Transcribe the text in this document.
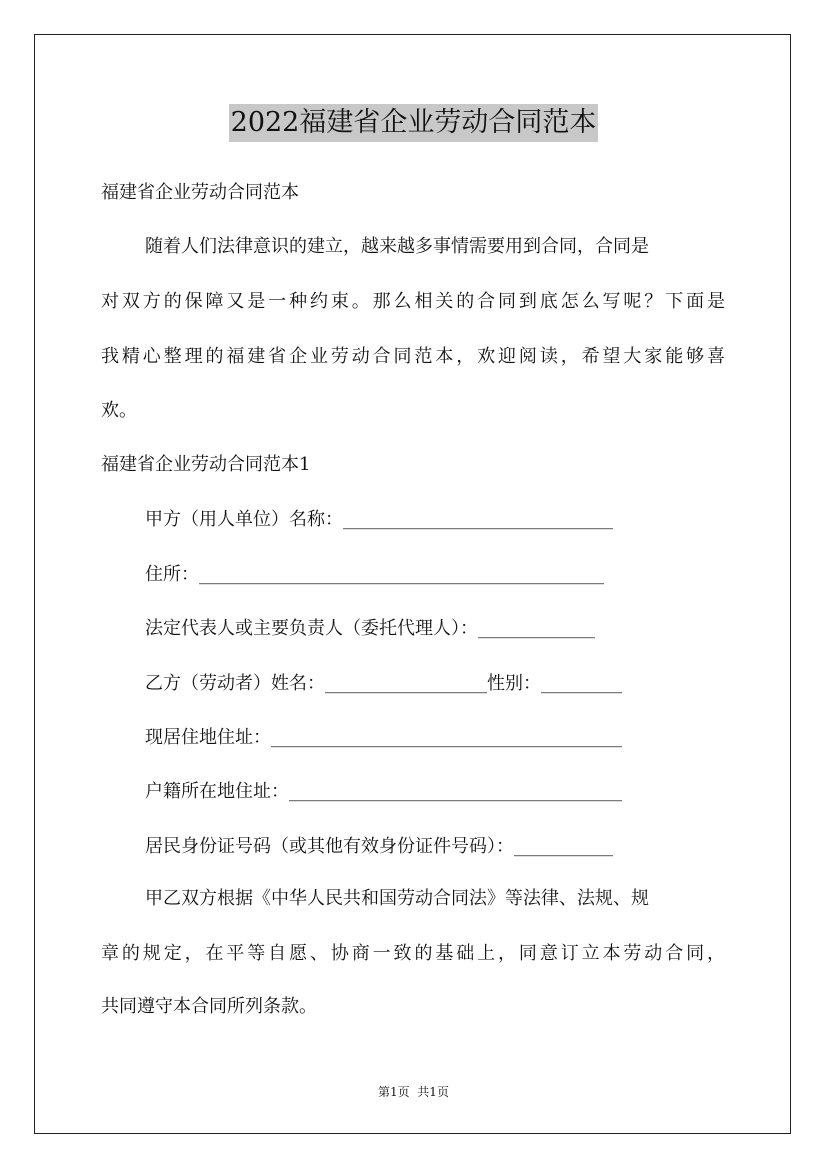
2022福建省企业劳动合同范本
福建省企业劳动合同范本
随着人们法律意识的建立，越来越多事情需要用到合同，合同是
对双方的保障又是一种约束。那么相关的合同到底怎么写呢？下面是
我精心整理的福建省企业劳动合同范本，欢迎阅读，希望大家能够喜
欢。
福建省企业劳动合同范本1
甲方（用人单位）名称：______________________________
住所：_____________________________________________
法定代表人或主要负责人（委托代理人）：_____________
乙方（劳动者）姓名：__________________性别：_________
现居住地住址：_______________________________________
户籍所在地住址：_____________________________________
居民身份证号码（或其他有效身份证件号码）：___________
甲乙双方根据《中华人民共和国劳动合同法》等法律、法规、规
章的规定，在平等自愿、协商一致的基础上，同意订立本劳动合同，
共同遵守本合同所列条款。
第1页  共1页
